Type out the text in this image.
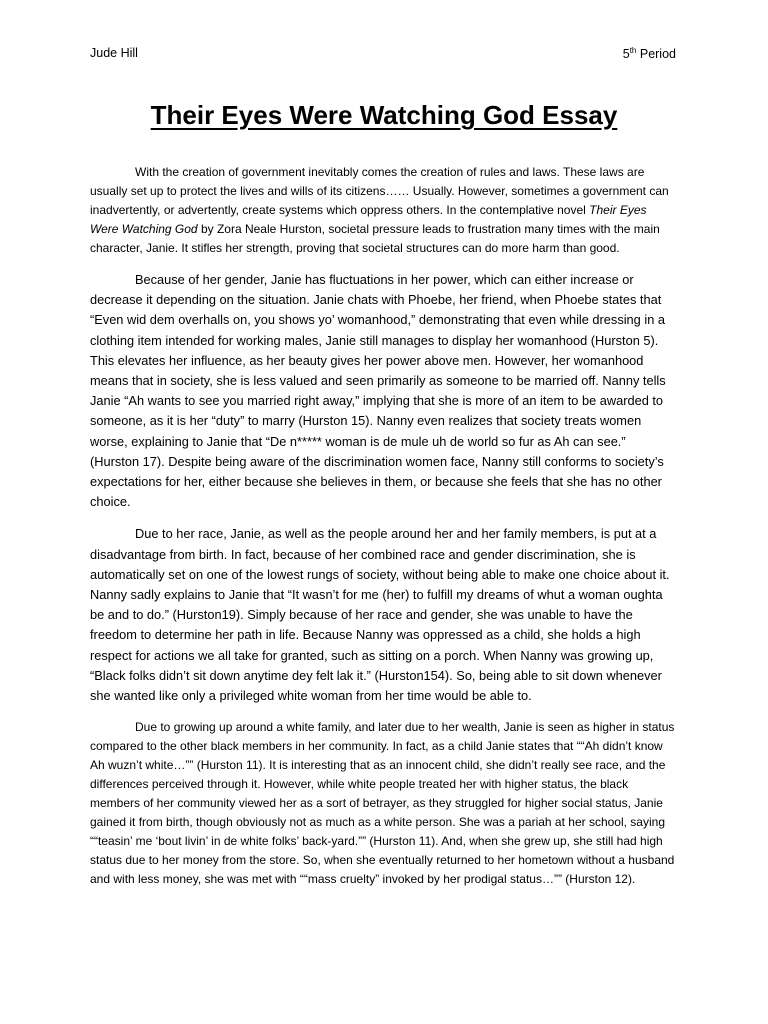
Jude Hill	5th Period
Their Eyes Were Watching God Essay

With the creation of government inevitably comes the creation of rules and laws. These laws are usually set up to protect the lives and wills of its citizens…… Usually. However, sometimes a government can inadvertently, or advertently, create systems which oppress others. In the contemplative novel Their Eyes Were Watching God by Zora Neale Hurston, societal pressure leads to frustration many times with the main character, Janie. It stifles her strength, proving that societal structures can do more harm than good.

Because of her gender, Janie has fluctuations in her power, which can either increase or decrease it depending on the situation. Janie chats with Phoebe, her friend, when Phoebe states that “Even wid dem overhalls on, you shows yo’ womanhood,” demonstrating that even while dressing in a clothing item intended for working males, Janie still manages to display her womanhood (Hurston 5). This elevates her influence, as her beauty gives her power above men. However, her womanhood means that in society, she is less valued and seen primarily as someone to be married off. Nanny tells Janie “Ah wants to see you married right away,” implying that she is more of an item to be awarded to someone, as it is her “duty” to marry (Hurston 15). Nanny even realizes that society treats women worse, explaining to Janie that “De n***** woman is de mule uh de world so fur as Ah can see.” (Hurston 17). Despite being aware of the discrimination women face, Nanny still conforms to society’s expectations for her, either because she believes in them, or because she feels that she has no other choice.

Due to her race, Janie, as well as the people around her and her family members, is put at a disadvantage from birth. In fact, because of her combined race and gender discrimination, she is automatically set on one of the lowest rungs of society, without being able to make one choice about it. Nanny sadly explains to Janie that “It wasn’t for me (her) to fulfill my dreams of whut a woman oughta be and to do.” (Hurston19). Simply because of her race and gender, she was unable to have the freedom to determine her path in life. Because Nanny was oppressed as a child, she holds a high respect for actions we all take for granted, such as sitting on a porch. When Nanny was growing up, “Black folks didn’t sit down anytime dey felt lak it.” (Hurston154). So, being able to sit down whenever she wanted like only a privileged white woman from her time would be able to.

Due to growing up around a white family, and later due to her wealth, Janie is seen as higher in status compared to the other black members in her community. In fact, as a child Janie states that ““Ah didn’t know Ah wuzn’t white…”” (Hurston 11). It is interesting that as an innocent child, she didn’t really see race, and the differences perceived through it. However, while white people treated her with higher status, the black members of her community viewed her as a sort of betrayer, as they struggled for higher social status, Janie gained it from birth, though obviously not as much as a white person. She was a pariah at her school, saying ““teasin’ me ‘bout livin’ in de white folks’ back-yard.”” (Hurston 11). And, when she grew up, she still had high status due to her money from the store. So, when she eventually returned to her hometown without a husband and with less money, she was met with ““mass cruelty” invoked by her prodigal status…”” (Hurston 12).
